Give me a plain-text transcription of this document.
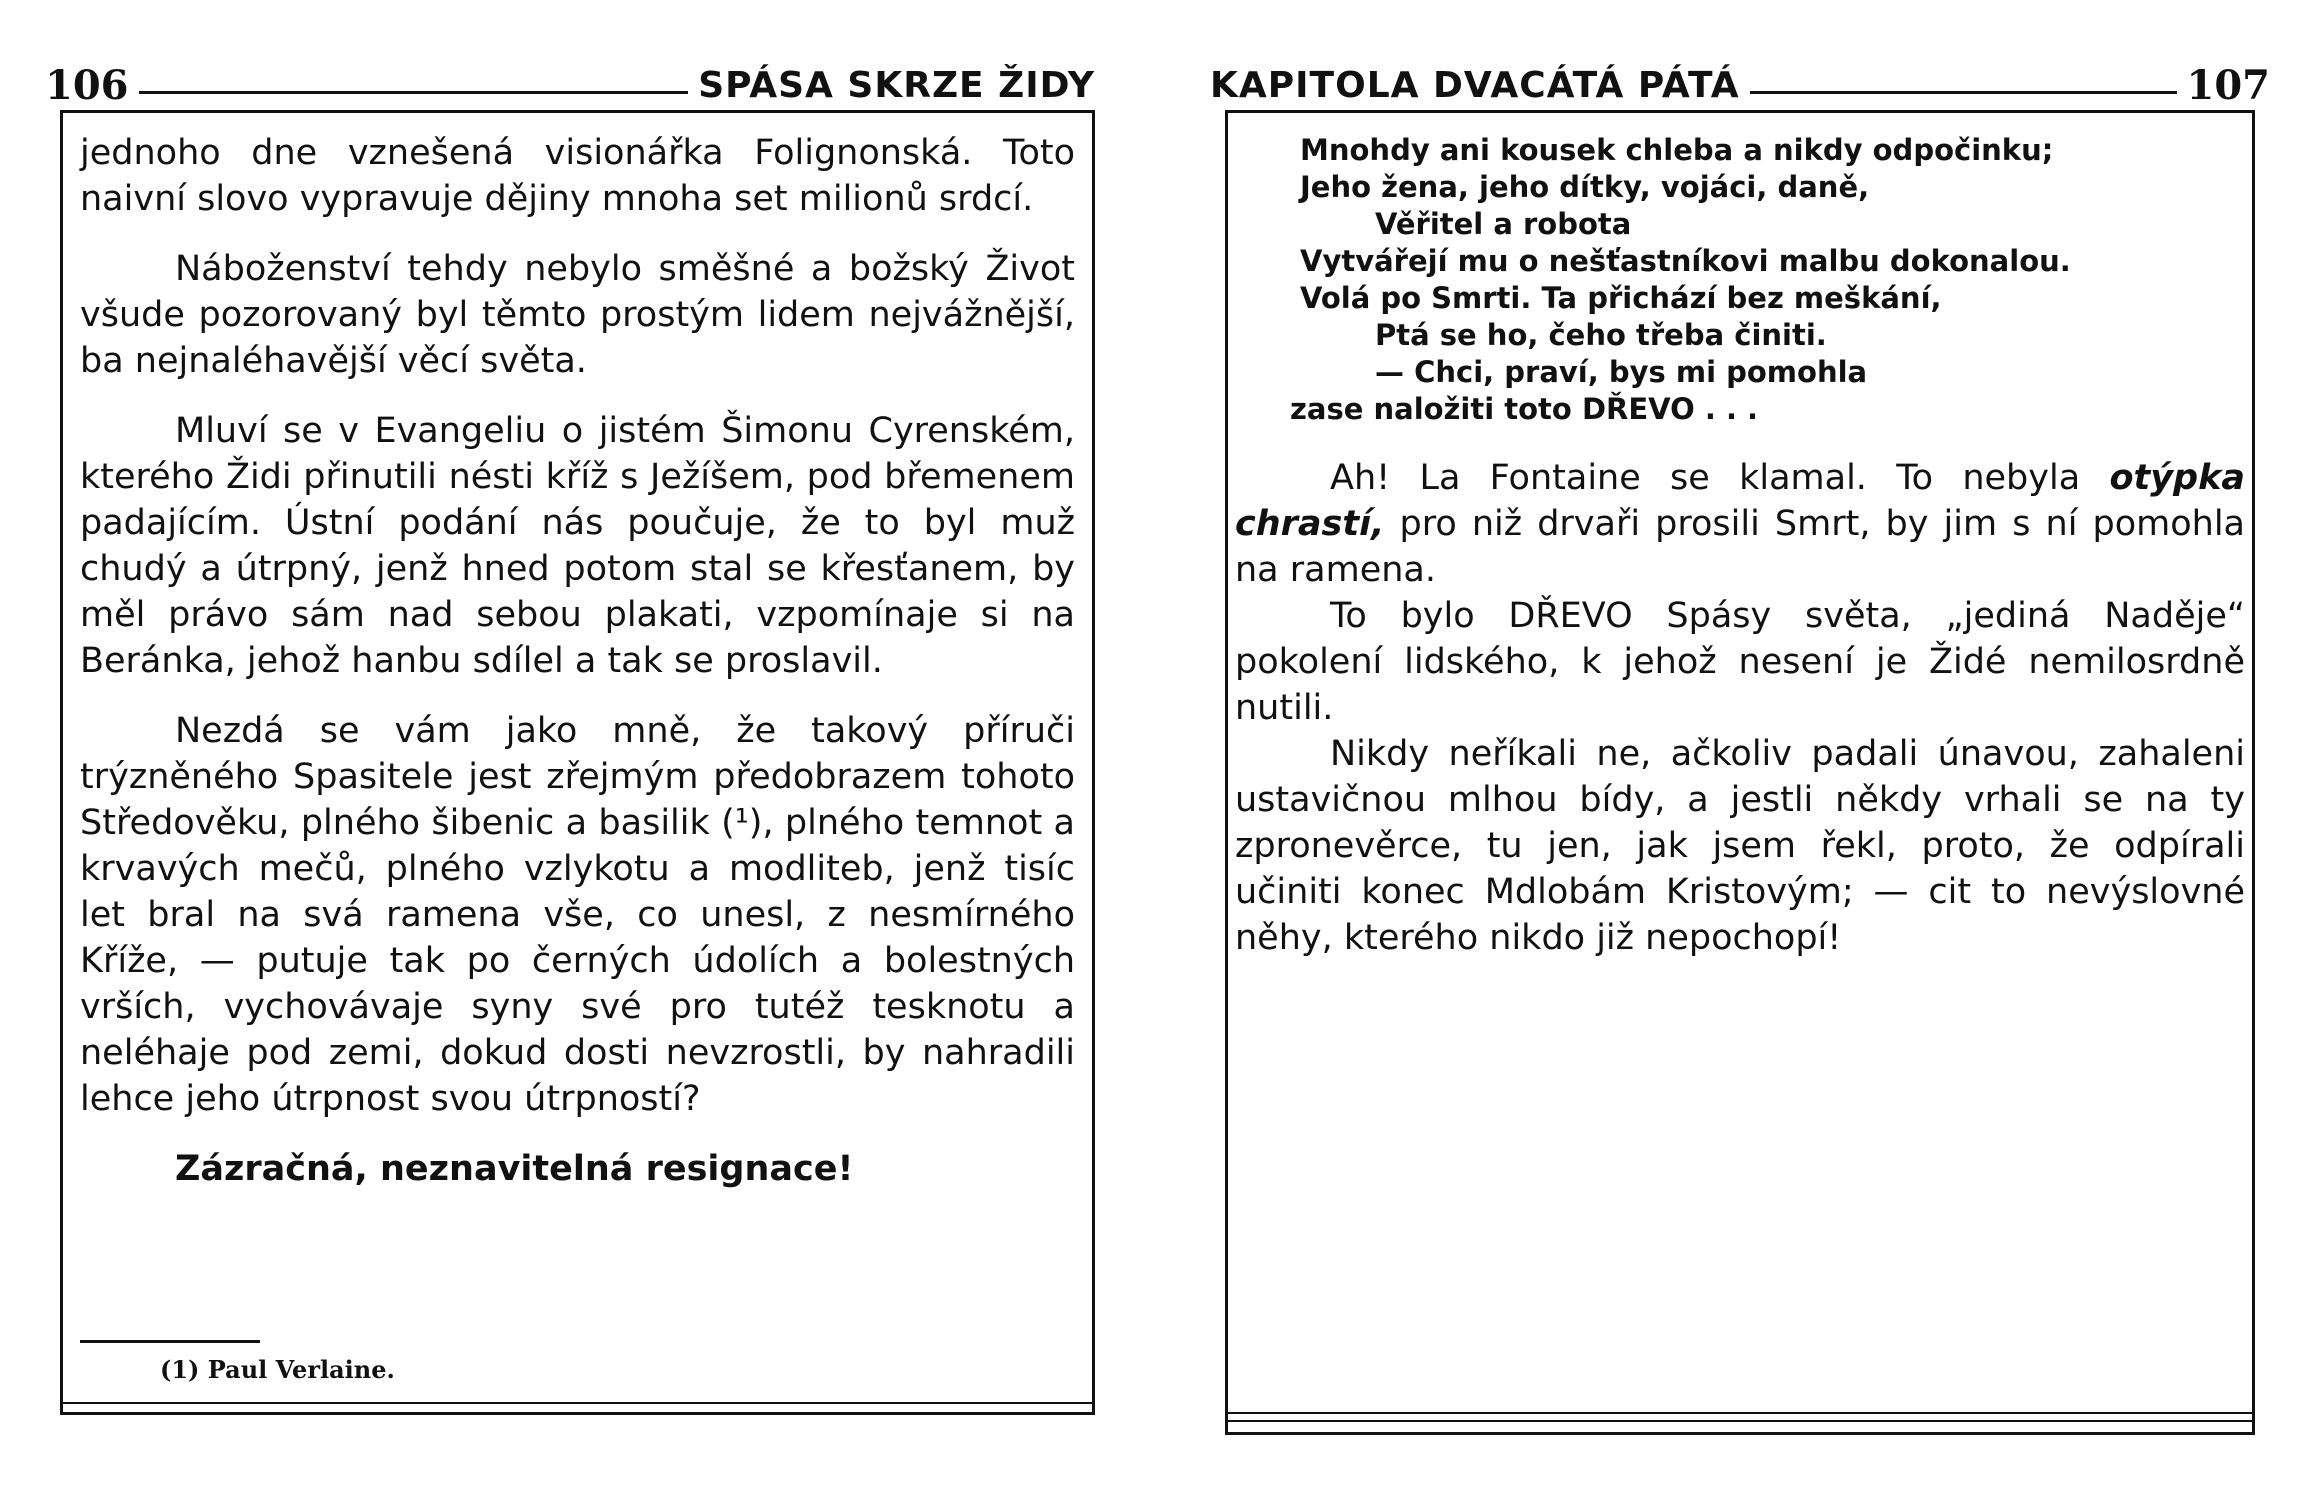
106	SPÁSA SKRZE ŽIDY

jednoho dne vznešená visionářka Folignonská. Toto naivní slovo vypravuje dějiny mnoha set milionů srdcí.

Náboženství tehdy nebylo směšné a božský Život všude pozorovaný byl těmto prostým lidem nejvážnější, ba nejnaléhavější věcí světa.

Mluví se v Evangeliu o jistém Šimonu Cyrenském, kterého Židi přinutili nésti kříž s Ježíšem, pod břemenem padajícím. Ústní podání nás poučuje, že to byl muž chudý a útrpný, jenž hned potom stal se křesťanem, by měl právo sám nad sebou plakati, vzpomínaje si na Beránka, jehož hanbu sdílel a tak se proslavil.

Nezdá se vám jako mně, že takový příruči trýzněného Spasitele jest zřejmým předobrazem tohoto Středověku, plného šibenic a basilik (¹), plného temnot a krvavých mečů, plného vzlykotu a modliteb, jenž tisíc let bral na svá ramena vše, co unesl, z nesmírného Kříže, — putuje tak po černých údolích a bolestných vrších, vychovávaje syny své pro tutéž tesknotu a neléhaje pod zemi, dokud dosti nevzrostli, by nahradili lehce jeho útrpnost svou útrpností?

Zázračná, neznavitelná resignace!

(1) Paul Verlaine.
KAPITOLA DVACÁTÁ PÁTÁ	107
Mnohdy ani kousek chleba a nikdy odpočinku;
Jeho žena, jeho dítky, vojáci, daně,
Věřitel a robota
Vytvářejí mu o nešťastníkovi malbu dokonalou.
Volá po Smrti. Ta přichází bez meškání,
Ptá se ho, čeho třeba činiti.
— Chci, praví, bys mi pomohla
zase naložiti toto DŘEVO . . .

Ah! La Fontaine se klamal. To nebyla otýpka chrastí, pro niž drvaři prosili Smrt, by jim s ní pomohla na ramena.

To bylo DŘEVO Spásy světa, „jediná Naděje“ pokolení lidského, k jehož nesení je Židé nemilosrdně nutili.

Nikdy neříkali ne, ačkoliv padali únavou, zahaleni ustavičnou mlhou bídy, a jestli někdy vrhali se na ty zpronevěrce, tu jen, jak jsem řekl, proto, že odpírali učiniti konec Mdlobám Kristovým; — cit to nevýslovné něhy, kterého nikdo již nepochopí!
